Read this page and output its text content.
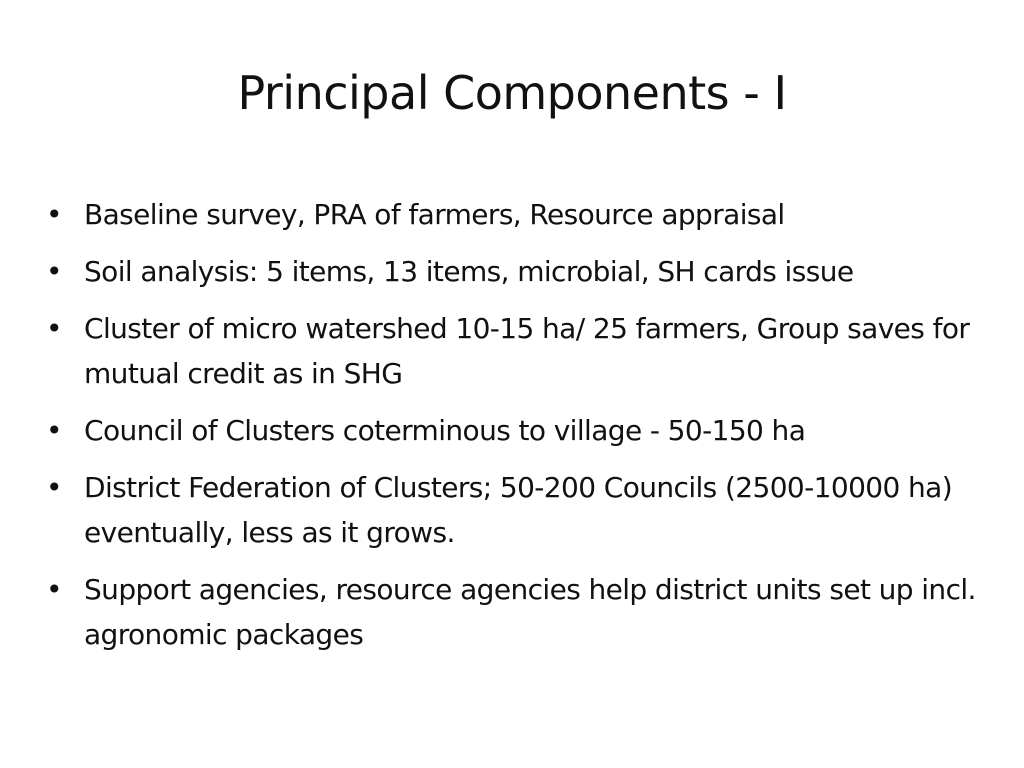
Principal Components - I
• Baseline survey, PRA of farmers, Resource appraisal
• Soil analysis: 5 items, 13 items, microbial, SH cards issue
• Cluster of micro watershed 10-15 ha/ 25 farmers, Group saves for mutual credit as in SHG
• Council of Clusters coterminous to village - 50-150 ha
• District Federation of Clusters; 50-200 Councils (2500-10000 ha) eventually, less as it grows.
• Support agencies, resource agencies help district units set up incl. agronomic packages
